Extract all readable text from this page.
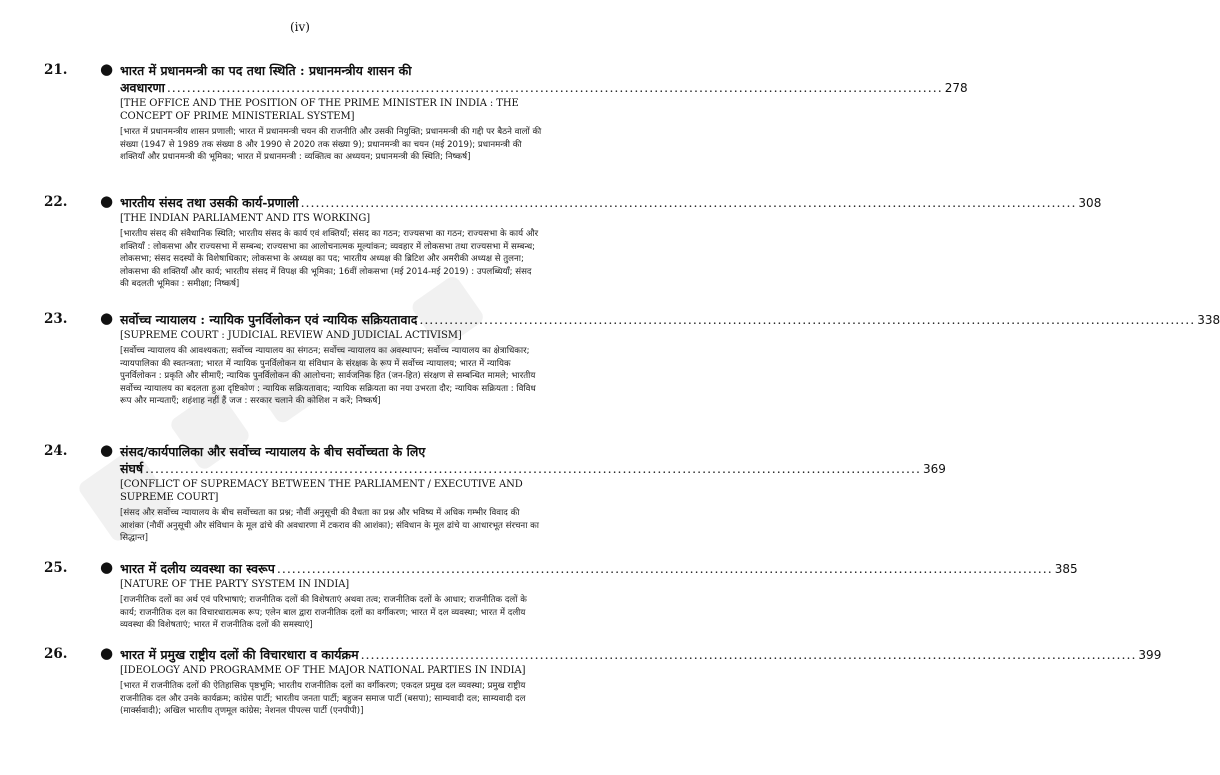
(iv)
21. ● भारत में प्रधानमन्त्री का पद तथा स्थिति : प्रधानमन्त्रीय शासन की
अवधारणा ............................................................................................................................................................ 278
[THE OFFICE AND THE POSITION OF THE PRIME MINISTER IN INDIA : THE CONCEPT OF PRIME MINISTERIAL SYSTEM]
[भारत में प्रधानमन्त्रीय शासन प्रणाली; भारत में प्रधानमन्त्री चयन की राजनीति और उसकी नियुक्ति; प्रधानमन्त्री की गद्दी पर बैठने वालों की संख्या (1947 से 1989 तक संख्या 8 और 1990 से 2020 तक संख्या 9); प्रधानमन्त्री का चयन (मई 2019); प्रधानमन्त्री की शक्तियाँ और प्रधानमन्त्री की भूमिका; भारत में प्रधानमन्त्री : व्यक्तित्व का अध्ययन; प्रधानमन्त्री की स्थिति; निष्कर्ष]
22. ● भारतीय संसद तथा उसकी कार्य-प्रणाली ............................................................................................................................................................ 308
[THE INDIAN PARLIAMENT AND ITS WORKING]
[भारतीय संसद की संवैधानिक स्थिति; भारतीय संसद के कार्य एवं शक्तियाँ; संसद का गठन; राज्यसभा का गठन; राज्यसभा के कार्य और शक्तियाँ : लोकसभा और राज्यसभा में सम्बन्ध; राज्यसभा का आलोचनात्मक मूल्यांकन; व्यवहार में लोकसभा तथा राज्यसभा में सम्बन्ध; लोकसभा; संसद सदस्यों के विशेषाधिकार; लोकसभा के अध्यक्ष का पद; भारतीय अध्यक्ष की ब्रिटिश और अमरीकी अध्यक्ष से तुलना; लोकसभा की शक्तियाँ और कार्य; भारतीय संसद में विपक्ष की भूमिका; 16वीं लोकसभा (मई 2014-मई 2019) : उपलब्धियाँ; संसद की बदलती भूमिका : समीक्षा; निष्कर्ष]
23. ● सर्वोच्च न्यायालय : न्यायिक पुनर्विलोकन एवं न्यायिक सक्रियतावाद ............................................................................................................................................................ 338
[SUPREME COURT : JUDICIAL REVIEW AND JUDICIAL ACTIVISM]
[सर्वोच्च न्यायालय की आवश्यकता; सर्वोच्च न्यायालय का संगठन; सर्वोच्च न्यायालय का अवस्थापन; सर्वोच्च न्यायालय का क्षेत्राधिकार; न्यायपालिका की स्वतन्त्रता; भारत में न्यायिक पुनर्विलोकन या संविधान के संरक्षक के रूप में सर्वोच्च न्यायालय; भारत में न्यायिक पुनर्विलोकन : प्रकृति और सीमाएँ; न्यायिक पुनर्विलोकन की आलोचना; सार्वजनिक हित (जन-हित) संरक्षण से सम्बन्धित मामले; भारतीय सर्वोच्च न्यायालय का बदलता हुआ दृष्टिकोण : न्यायिक सक्रियतावाद; न्यायिक सक्रियता का नया उभरता दौर; न्यायिक सक्रियता : विविध रूप और मान्यताएँ; शहंशाह नहीं हैं जज : सरकार चलाने की कोशिश न करें; निष्कर्ष]
24. ● संसद/कार्यपालिका और सर्वोच्च न्यायालय के बीच सर्वोच्चता के लिए
संघर्ष ............................................................................................................................................................ 369
[CONFLICT OF SUPREMACY BETWEEN THE PARLIAMENT / EXECUTIVE AND SUPREME COURT]
[संसद और सर्वोच्च न्यायालय के बीच सर्वोच्चता का प्रश्न; नौवीं अनुसूची की वैधता का प्रश्न और भविष्य में अधिक गम्भीर विवाद की आशंका (नौवीं अनुसूची और संविधान के मूल ढांचे की अवधारणा में टकराव की आशंका); संविधान के मूल ढांचे या आधारभूत संरचना का सिद्धान्त]
25. ● भारत में दलीय व्यवस्था का स्वरूप ............................................................................................................................................................ 385
[NATURE OF THE PARTY SYSTEM IN INDIA]
[राजनीतिक दलों का अर्थ एवं परिभाषाएं; राजनीतिक दलों की विशेषताएं अथवा तत्व; राजनीतिक दलों के आधार; राजनीतिक दलों के कार्य; राजनीतिक दल का विचारधारात्मक रूप; एलेन बाल द्वारा राजनीतिक दलों का वर्गीकरण; भारत में दल व्यवस्था; भारत में दलीय व्यवस्था की विशेषताएं; भारत में राजनीतिक दलों की समस्याएं]
26. ● भारत में प्रमुख राष्ट्रीय दलों की विचारधारा व कार्यक्रम ............................................................................................................................................................ 399
[IDEOLOGY AND PROGRAMME OF THE MAJOR NATIONAL PARTIES IN INDIA]
[भारत में राजनीतिक दलों की ऐतिहासिक पृष्ठभूमि; भारतीय राजनीतिक दलों का वर्गीकरण; एकदल प्रमुख दल व्यवस्था; प्रमुख राष्ट्रीय राजनीतिक दल और उनके कार्यक्रम; कांग्रेस पार्टी; भारतीय जनता पार्टी; बहुजन समाज पार्टी (बसपा); साम्यवादी दल; साम्यवादी दल (मार्क्सवादी); अखिल भारतीय तृणमूल कांग्रेस; नेशनल पीपल्स पार्टी (एनपीपी)]
